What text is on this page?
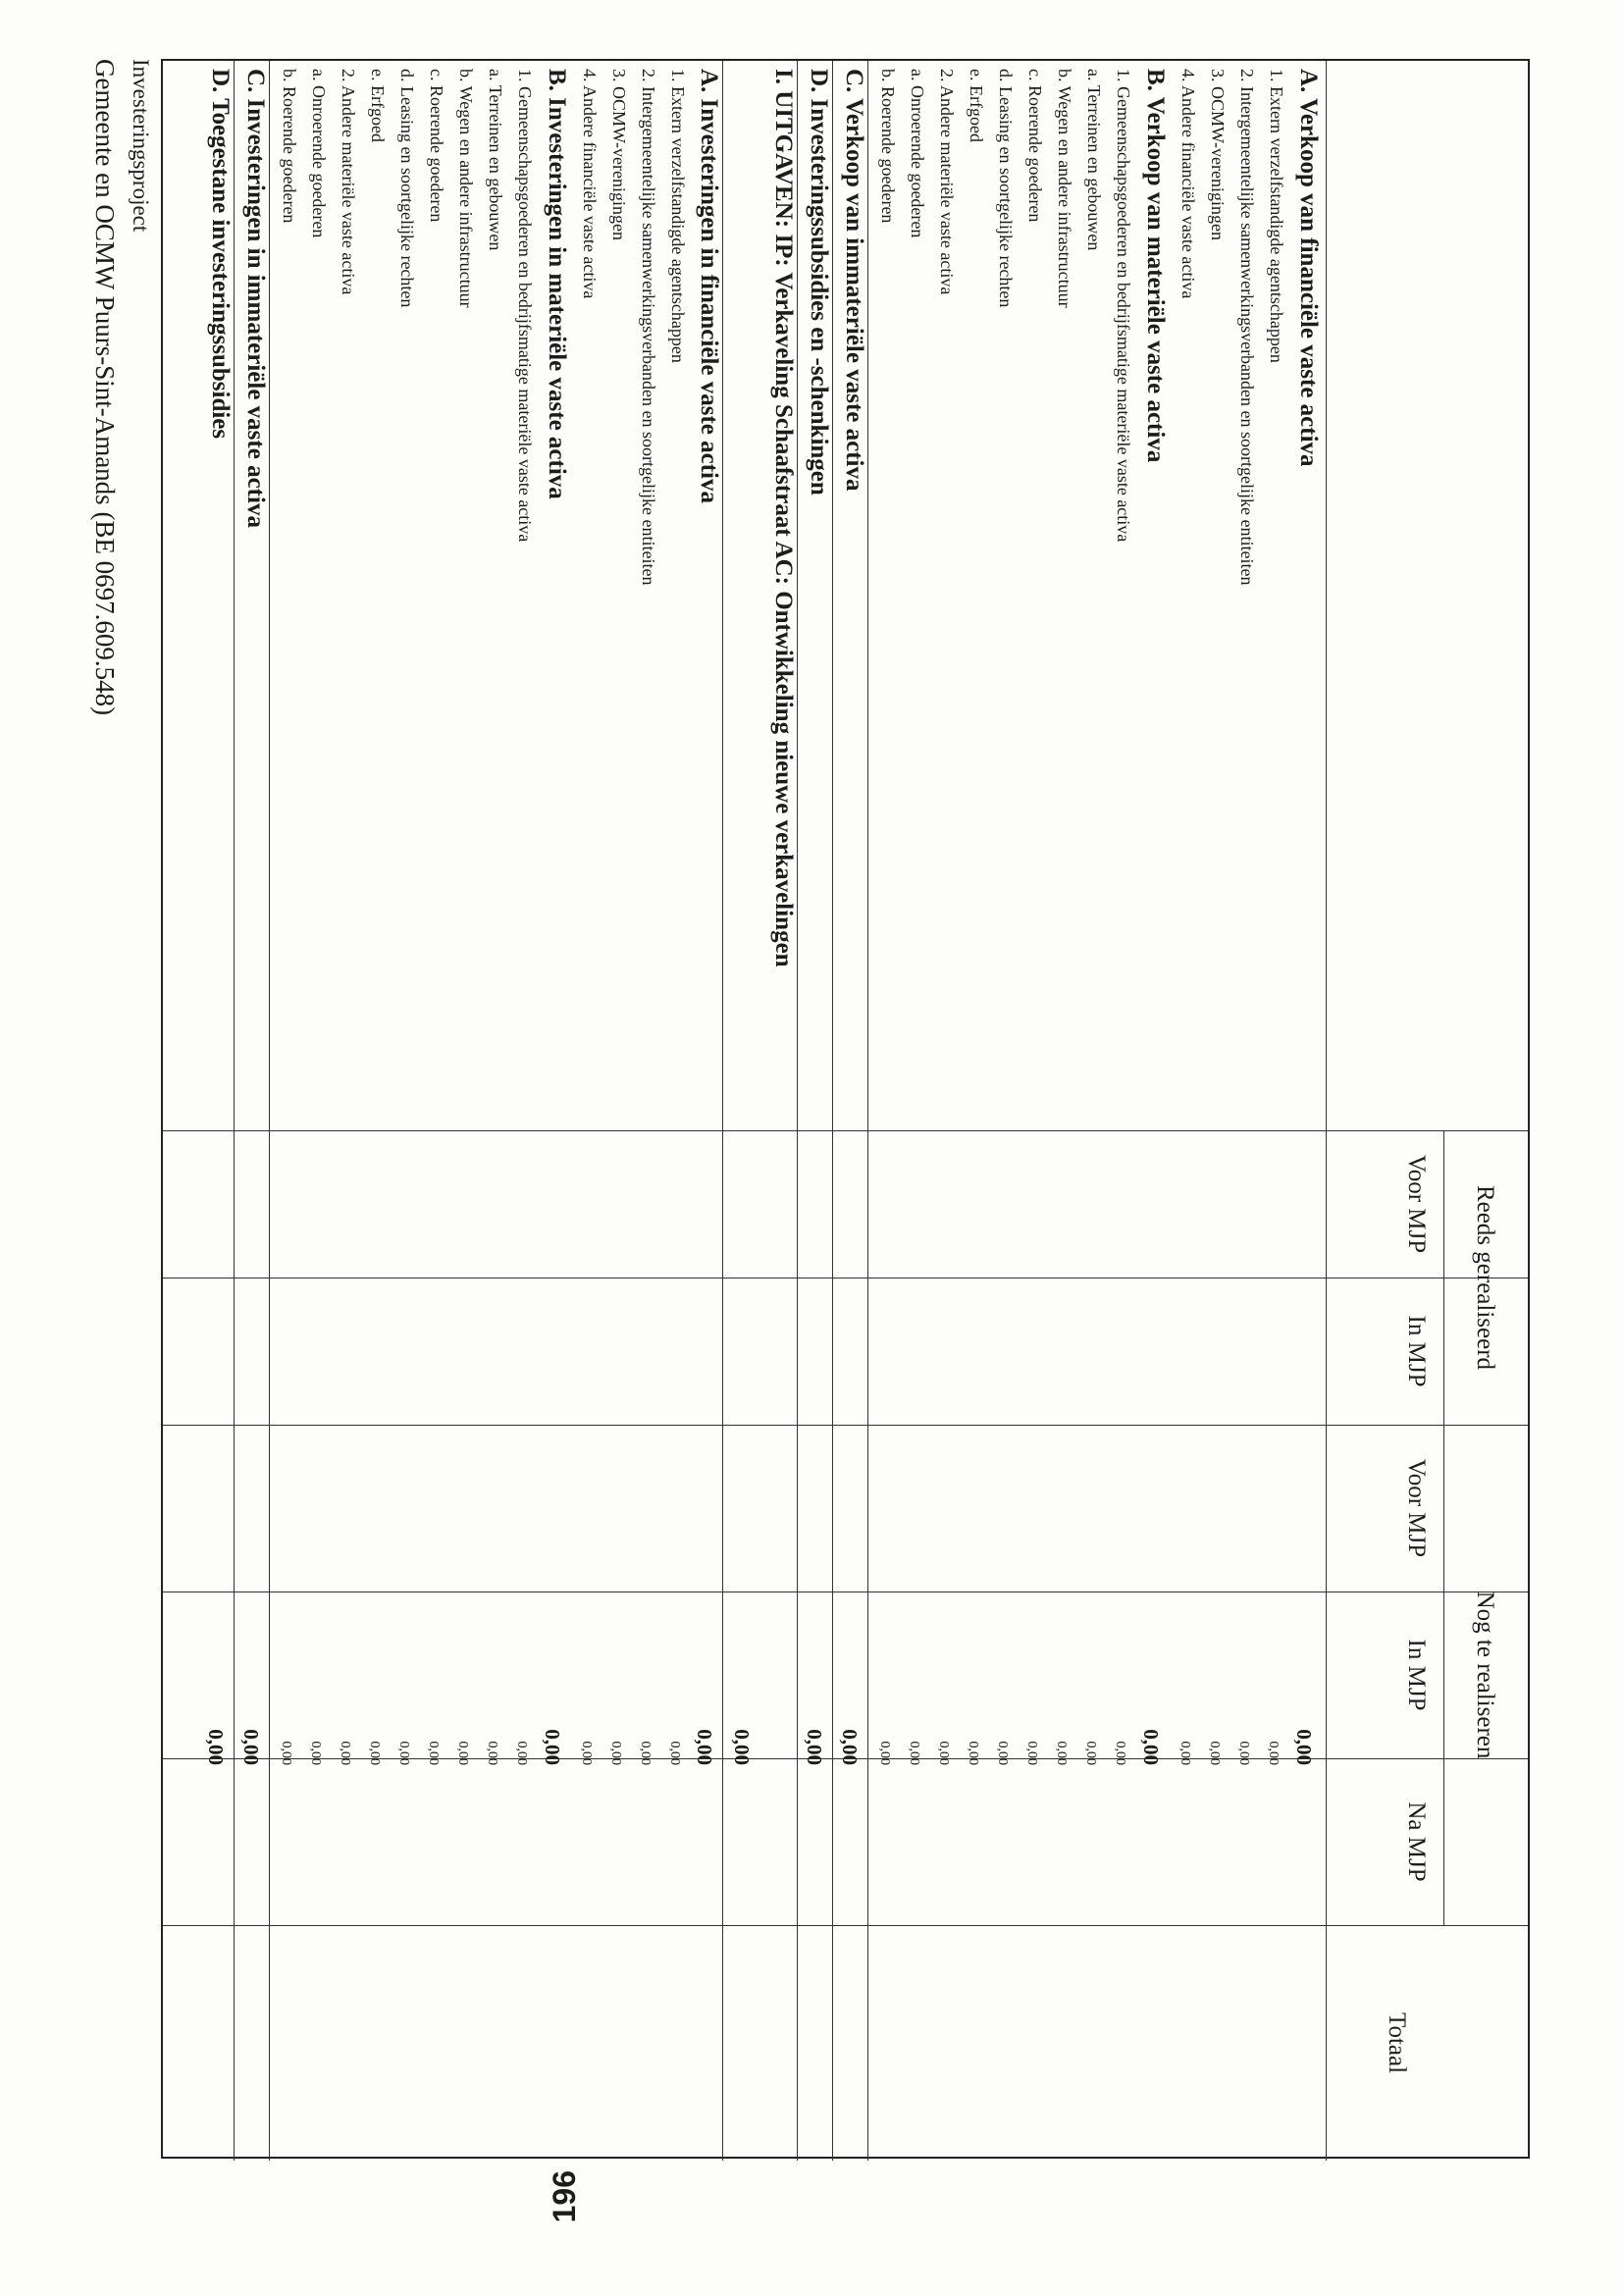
Reeds gerealiseerd
Nog te realiseren
Voor MJP
In MJP
Voor MJP
In MJP
Na MJP
Totaal
A. Verkoop van financiële vaste activa
0,00
1. Extern verzelfstandigde agentschappen
0,00
2. Intergemeentelijke samenwerkingsverbanden en soortgelijke entiteiten
0,00
3. OCMW-verenigingen
0,00
4. Andere financiële vaste activa
0,00
B. Verkoop van materiële vaste activa
0,00
1. Gemeenschapsgoederen en bedrijfsmatige materiële vaste activa
0,00
a. Terreinen en gebouwen
0,00
b. Wegen en andere infrastructuur
0,00
c. Roerende goederen
0,00
d. Leasing en soortgelijke rechten
0,00
e. Erfgoed
0,00
2. Andere materiële vaste activa
0,00
a. Onroerende goederen
0,00
b. Roerende goederen
0,00
C. Verkoop van immateriële vaste activa
0,00
D. Investeringssubsidies en -schenkingen
0,00
I. UITGAVEN: IP: Verkaveling Schaafstraat AC: Ontwikkeling nieuwe verkavelingen
0,00
A. Investeringen in financiële vaste activa
0,00
1. Extern verzelfstandigde agentschappen
0,00
2. Intergemeentelijke samenwerkingsverbanden en soortgelijke entiteiten
0,00
3. OCMW-verenigingen
0,00
4. Andere financiële vaste activa
0,00
B. Investeringen in materiële vaste activa
0,00
1. Gemeenschapsgoederen en bedrijfsmatige materiële vaste activa
0,00
a. Terreinen en gebouwen
0,00
b. Wegen en andere infrastructuur
0,00
c. Roerende goederen
0,00
d. Leasing en soortgelijke rechten
0,00
e. Erfgoed
0,00
2. Andere materiële vaste activa
0,00
a. Onroerende goederen
0,00
b. Roerende goederen
0,00
C. Investeringen in immateriële vaste activa
0,00
D. Toegestane investeringssubsidies
0,00
Investeringsproject
Gemeente en OCMW Puurs-Sint-Amands (BE 0697.609.548)
196
